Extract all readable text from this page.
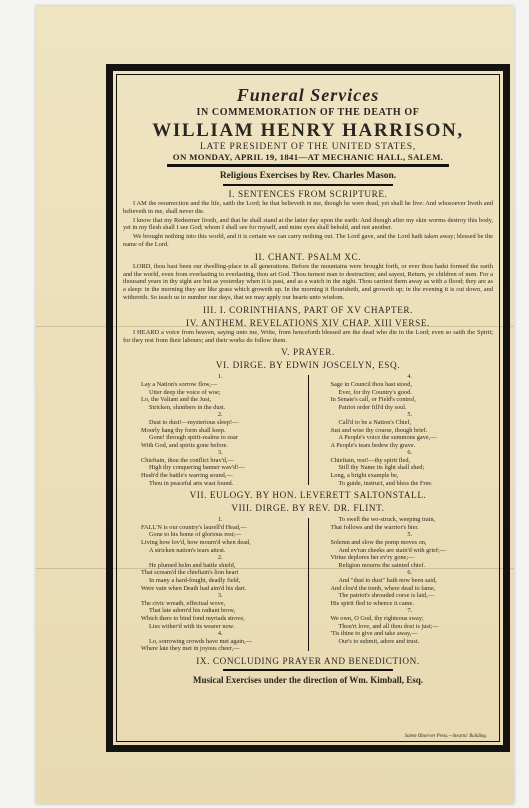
Funeral Services
IN COMMEMORATION OF THE DEATH OF
WILLIAM HENRY HARRISON,
LATE PRESIDENT OF THE UNITED STATES,
ON MONDAY, APRIL 19, 1841—AT MECHANIC HALL, SALEM.
Religious Exercises by Rev. Charles Mason.
I. SENTENCES FROM SCRIPTURE.
I AM the resurrection and the life, saith the Lord; he that believeth in me, though he were dead, yet shall he live: And whosoever liveth and believeth in me, shall never die.
I know that my Redeemer liveth, and that he shall stand at the latter day upon the earth: And though after my skin worms destroy this body, yet in my flesh shall I see God; whom I shall see for myself, and mine eyes shall behold, and not another.
We brought nothing into this world, and it is certain we can carry nothing out. The Lord gave, and the Lord hath taken away; blessed be the name of the Lord.
II. CHANT. PSALM XC.
LORD, thou hast been our dwelling-place in all generations. Before the mountains were brought forth, or ever thou hadst formed the earth and the world, even from everlasting to everlasting, thou art God. Thou turnest man to destruction; and sayest, Return, ye children of men. For a thousand years in thy sight are but as yesterday when it is past, and as a watch in the night. Thou carriest them away as with a flood; they are as a sleep: in the morning they are like grass which groweth up. In the morning it flourisheth, and groweth up; in the evening it is cut down, and withereth. So teach us to number our days, that we may apply our hearts unto wisdom.
III. I. CORINTHIANS, PART OF XV CHAPTER.
IV. ANTHEM. REVELATIONS XIV CHAP. XIII VERSE.
I HEARD a voice from heaven, saying unto me, Write, from henceforth blessed are the dead who die in the Lord; even so saith the Spirit; for they rest from their labours; and their works do follow them.
V. PRAYER.
VI. DIRGE. BY EDWIN JOSCELYN, ESQ.
1.
Lay a Nation's sorrow flow,—
Utter deep the voice of woe;
Lo, the Valiant and the Just,
Stricken, slumbers in the dust.
2.
Dust to dust!—mysterious sleep!—
Mourly hang thy form shall keep.
Gone! through spirit-realms to soar
With God, and spirits gone before.
3.
Chieftain, thou the conflict brav'd,—
High thy conquering banner wav'd!—
Hush'd the battle's warring sound,—
Thou in peaceful arts wast found.
4.
Sage in Council thou hast stood,
Ever, for thy Country's good.
In Senate's call, or Field's control,
Patriot order fill'd thy soul.
5.
Call'd to be a Nation's Chief,
Just and wise thy course, though brief.
A People's voice the summons gave,—
A People's tears bedew thy grave.
6.
Chieftain, rest!—thy spirit fled,
Still thy Name its light shall shed;
Long, a bright example be,
To guide, instruct, and bless the Free.
VII. EULOGY. BY HON. LEVERETT SALTONSTALL.
VIII. DIRGE. BY REV. DR. FLINT.
1.
FALL'N is our country's laurell'd Head,—
Gone to his home of glorious rest;—
Living how lov'd, how mourn'd when dead,
A stricken nation's tears attest.
2.
He plumed helm and battle shield,
That scream'd the chieftain's lion heart
In many a hard-fought, deadly field,
Were vain when Death had aim'd his dart.
3.
The civic wreath, effectual wove,
That late adorn'd his radiant brow,
Which there to bind fond myriads strove,
Lies wither'd with its wearer now.
4.
Lo, sorrowing crowds have met again,—
Where late they met in joyous cheer,—
To swell the wo-struck, weeping train,
That follows and the warrior's bier.
5.
Solemn and slow the pomp moves on,
And ev'ran cheeks are stain'd with grief;—
Virtue deplores her ev'ry gone;—
Religion mourns the sainted chief.
6.
And "dust to dust" hath now been said,
And clos'd the tomb, where dead to fame,
The patriot's shrouded corse is laid,—
His spirit fled to whence it came.
7.
We own, O God, thy righteous sway;
Thou'rt love, and all thou dost is just;—
'Tis thine to give and take away,—
Our's to submit, adore and trust.
IX. CONCLUDING PRAYER AND BENEDICTION.
Musical Exercises under the direction of Wm. Kimball, Esq.
Salem Observer Press.—Stearns' Building.
